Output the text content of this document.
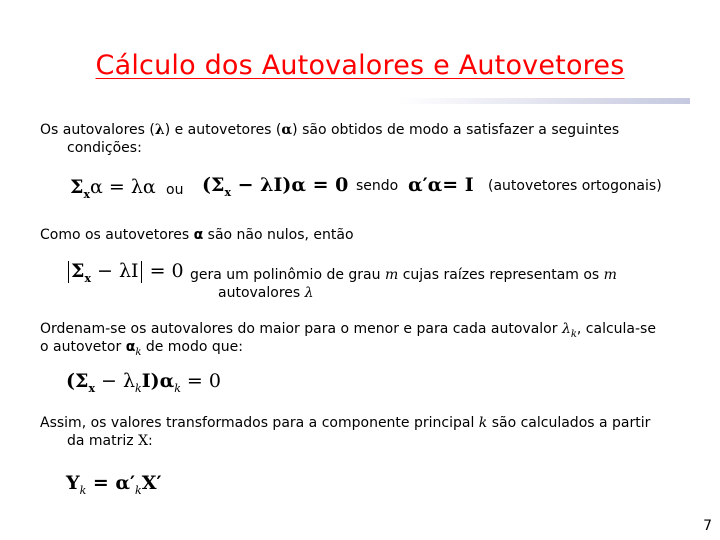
Cálculo dos Autovalores e Autovetores
Os autovalores (λ) e autovetores (α) são obtidos de modo a satisfazer a seguintes
condições:
$\Sigma_x\alpha = \lambda\alpha$ ou $(\Sigma_x - \lambda I)\alpha = 0$ sendo α′α= I (autovetores ortogonais)
Como os autovetores α são não nulos, então
$\Sigma_x - \lambda I = 0$ gera um polinômio de grau m cujas raízes representam os m
autovalores λ
Ordenam-se os autovalores do maior para o menor e para cada autovalor $\lambda_k$, calcula-se
o autovetor $\alpha_k$ de modo que:
$(\Sigma_x - \lambda_kI)\alpha_k = 0$
Assim, os valores transformados para a componente principal k são calculados a partir
da matriz X:
$Y_k = \alpha'_kX'$
7
